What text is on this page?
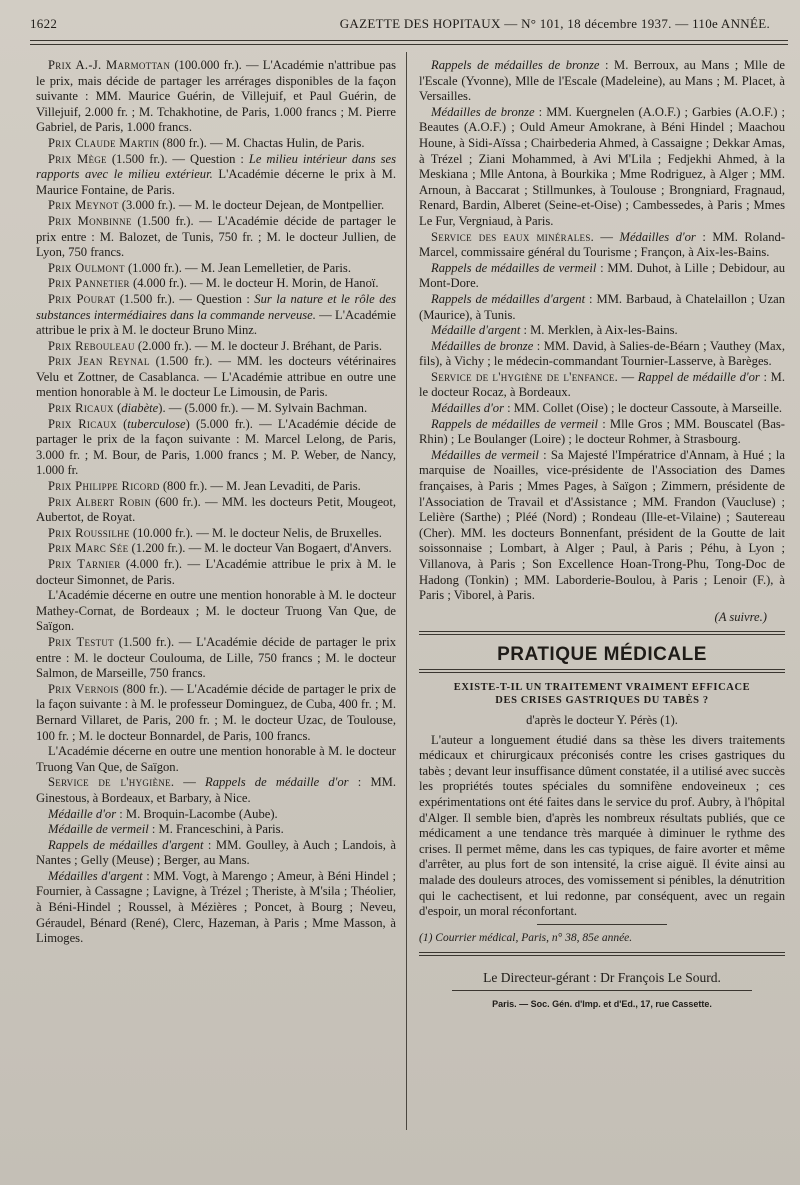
1622	GAZETTE DES HOPITAUX — N° 101, 18 décembre 1937. — 110e ANNÉE.

Prix A.-J. Marmottan (100.000 fr.). — L'Académie n'attribue pas le prix, mais décide de partager les arrérages disponibles de la façon suivante : MM. Maurice Guérin, de Villejuif, et Paul Guérin, de Villejuif, 2.000 fr. ; M. Tchakhotine, de Paris, 1.000 francs ; M. Pierre Gabriel, de Paris, 1.000 francs.

Prix Claude Martin (800 fr.). — M. Chactas Hulin, de Paris.

Prix Mège (1.500 fr.). — Question : Le milieu intérieur dans ses rapports avec le milieu extérieur. L'Académie décerne le prix à M. Maurice Fontaine, de Paris.

Prix Meynot (3.000 fr.). — M. le docteur Dejean, de Montpellier.

Prix Monbinne (1.500 fr.). — L'Académie décide de partager le prix entre : M. Balozet, de Tunis, 750 fr. ; M. le docteur Jullien, de Lyon, 750 francs.

Prix Oulmont (1.000 fr.). — M. Jean Lemelletier, de Paris.

Prix Pannetier (4.000 fr.). — M. le docteur H. Morin, de Hanoï.

Prix Pourat (1.500 fr.). — Question : Sur la nature et le rôle des substances intermédiaires dans la commande nerveuse. — L'Académie attribue le prix à M. le docteur Bruno Minz.

Prix Rebouleau (2.000 fr.). — M. le docteur J. Bréhant, de Paris.

Prix Jean Reynal (1.500 fr.). — MM. les docteurs vétérinaires Velu et Zottner, de Casablanca. — L'Académie attribue en outre une mention honorable à M. le docteur Le Limousin, de Paris.

Prix Ricaux (diabète). — (5.000 fr.). — M. Sylvain Bachman.

Prix Ricaux (tuberculose) (5.000 fr.). — L'Académie décide de partager le prix de la façon suivante : M. Marcel Lelong, de Paris, 3.000 fr. ; M. Bour, de Paris, 1.000 francs ; M. P. Weber, de Nancy, 1.000 fr.

Prix Philippe Ricord (800 fr.). — M. Jean Levaditi, de Paris.

Prix Albert Robin (600 fr.). — MM. les docteurs Petit, Mougeot, Aubertot, de Royat.

Prix Roussilhe (10.000 fr.). — M. le docteur Nelis, de Bruxelles.

Prix Marc Sée (1.200 fr.). — M. le docteur Van Bogaert, d'Anvers.

Prix Tarnier (4.000 fr.). — L'Académie attribue le prix à M. le docteur Simonnet, de Paris.

L'Académie décerne en outre une mention honorable à M. le docteur Mathey-Cornat, de Bordeaux ; M. le docteur Truong Van Que, de Saïgon.

Prix Testut (1.500 fr.). — L'Académie décide de partager le prix entre : M. le docteur Coulouma, de Lille, 750 francs ; M. le docteur Salmon, de Marseille, 750 francs.

Prix Vernois (800 fr.). — L'Académie décide de partager le prix de la façon suivante : à M. le professeur Dominguez, de Cuba, 400 fr. ; M. Bernard Villaret, de Paris, 200 fr. ; M. le docteur Uzac, de Toulouse, 100 fr. ; M. le docteur Bonnardel, de Paris, 100 francs.

L'Académie décerne en outre une mention honorable à M. le docteur Truong Van Que, de Saïgon.

Service de l'hygiène. — Rappels de médaille d'or : MM. Ginestous, à Bordeaux, et Barbary, à Nice.

Médaille d'or : M. Broquin-Lacombe (Aube).

Médaille de vermeil : M. Franceschini, à Paris.

Rappels de médailles d'argent : MM. Goulley, à Auch ; Landois, à Nantes ; Gelly (Meuse) ; Berger, au Mans.

Médailles d'argent : MM. Vogt, à Marengo ; Ameur, à Béni Hindel ; Fournier, à Cassagne ; Lavigne, à Trézel ; Theriste, à M'sila ; Théolier, à Béni-Hindel ; Roussel, à Mézières ; Poncet, à Bourg ; Neveu, Géraudel, Bénard (René), Clerc, Hazeman, à Paris ; Mme Masson, à Limoges.

Rappels de médailles de bronze : M. Berroux, au Mans ; Mlle de l'Escale (Yvonne), Mlle de l'Escale (Madeleine), au Mans ; M. Placet, à Versailles.

Médailles de bronze : MM. Kuergnelen (A.O.F.) ; Garbies (A.O.F.) ; Beautes (A.O.F.) ; Ould Ameur Amokrane, à Béni Hindel ; Maachou Houne, à Sidi-Aïssa ; Chairbederia Ahmed, à Cassaigne ; Dekkar Amas, à Trézel ; Ziani Mohammed, à Avi M'Lila ; Fedjekhi Ahmed, à la Meskiana ; Mlle Antona, à Bourkika ; Mme Rodriguez, à Alger ; MM. Arnoun, à Baccarat ; Stillmunkes, à Toulouse ; Brongniard, Fragnaud, Renard, Bardin, Alberet (Seine-et-Oise) ; Cambessedes, à Paris ; Mmes Le Fur, Vergniaud, à Paris.

Service des eaux minérales. — Médailles d'or : MM. Roland-Marcel, commissaire général du Tourisme ; Françon, à Aix-les-Bains.

Rappels de médailles de vermeil : MM. Duhot, à Lille ; Debidour, au Mont-Dore.

Rappels de médailles d'argent : MM. Barbaud, à Chatelaillon ; Uzan (Maurice), à Tunis.

Médaille d'argent : M. Merklen, à Aix-les-Bains.

Médailles de bronze : MM. David, à Salies-de-Béarn ; Vauthey (Max, fils), à Vichy ; le médecin-commandant Tournier-Lasserve, à Barèges.

Service de l'hygiène de l'enfance. — Rappel de médaille d'or : M. le docteur Rocaz, à Bordeaux.

Médailles d'or : MM. Collet (Oise) ; le docteur Cassoute, à Marseille.

Rappels de médailles de vermeil : Mlle Gros ; MM. Bouscatel (Bas-Rhin) ; Le Boulanger (Loire) ; le docteur Rohmer, à Strasbourg.

Médailles de vermeil : Sa Majesté l'Impératrice d'Annam, à Hué ; la marquise de Noailles, vice-présidente de l'Association des Dames françaises, à Paris ; Mmes Pages, à Saïgon ; Zimmern, présidente de l'Association de Travail et d'Assistance ; MM. Frandon (Vaucluse) ; Lelière (Sarthe) ; Pléé (Nord) ; Rondeau (Ille-et-Vilaine) ; Sautereau (Cher). MM. les docteurs Bonnenfant, président de la Goutte de lait soissonnaise ; Lombart, à Alger ; Paul, à Paris ; Péhu, à Lyon ; Villanova, à Paris ; Son Excellence Hoan-Trong-Phu, Tong-Doc de Hadong (Tonkin) ; MM. Laborderie-Boulou, à Paris ; Lenoir (F.), à Paris ; Viborel, à Paris.

(A suivre.)
PRATIQUE MÉDICALE
EXISTE-T-IL UN TRAITEMENT VRAIMENT EFFICACE
DES CRISES GASTRIQUES DU TABÈS ?
d'après le docteur Y. Pérès (1).

L'auteur a longuement étudié dans sa thèse les divers traitements médicaux et chirurgicaux préconisés contre les crises gastriques du tabès ; devant leur insuffisance dûment constatée, il a utilisé avec succès les propriétés toutes spéciales du somnifène endoveineux ; ces expérimentations ont été faites dans le service du prof. Aubry, à l'hôpital d'Alger. Il semble bien, d'après les nombreux résultats publiés, que ce médicament a une tendance très marquée à diminuer le rythme des crises. Il permet même, dans les cas typiques, de faire avorter et même d'arrêter, au plus fort de son intensité, la crise aiguë. Il évite ainsi au malade des douleurs atroces, des vomissement si pénibles, la dénutrition qui le cachectisent, et lui redonne, par conséquent, avec un regain d'espoir, un moral réconfortant.

(1) Courrier médical, Paris, n° 38, 85e année.
Le Directeur-gérant : Dr François Le Sourd.
Paris. — Soc. Gén. d'Imp. et d'Ed., 17, rue Cassette.
